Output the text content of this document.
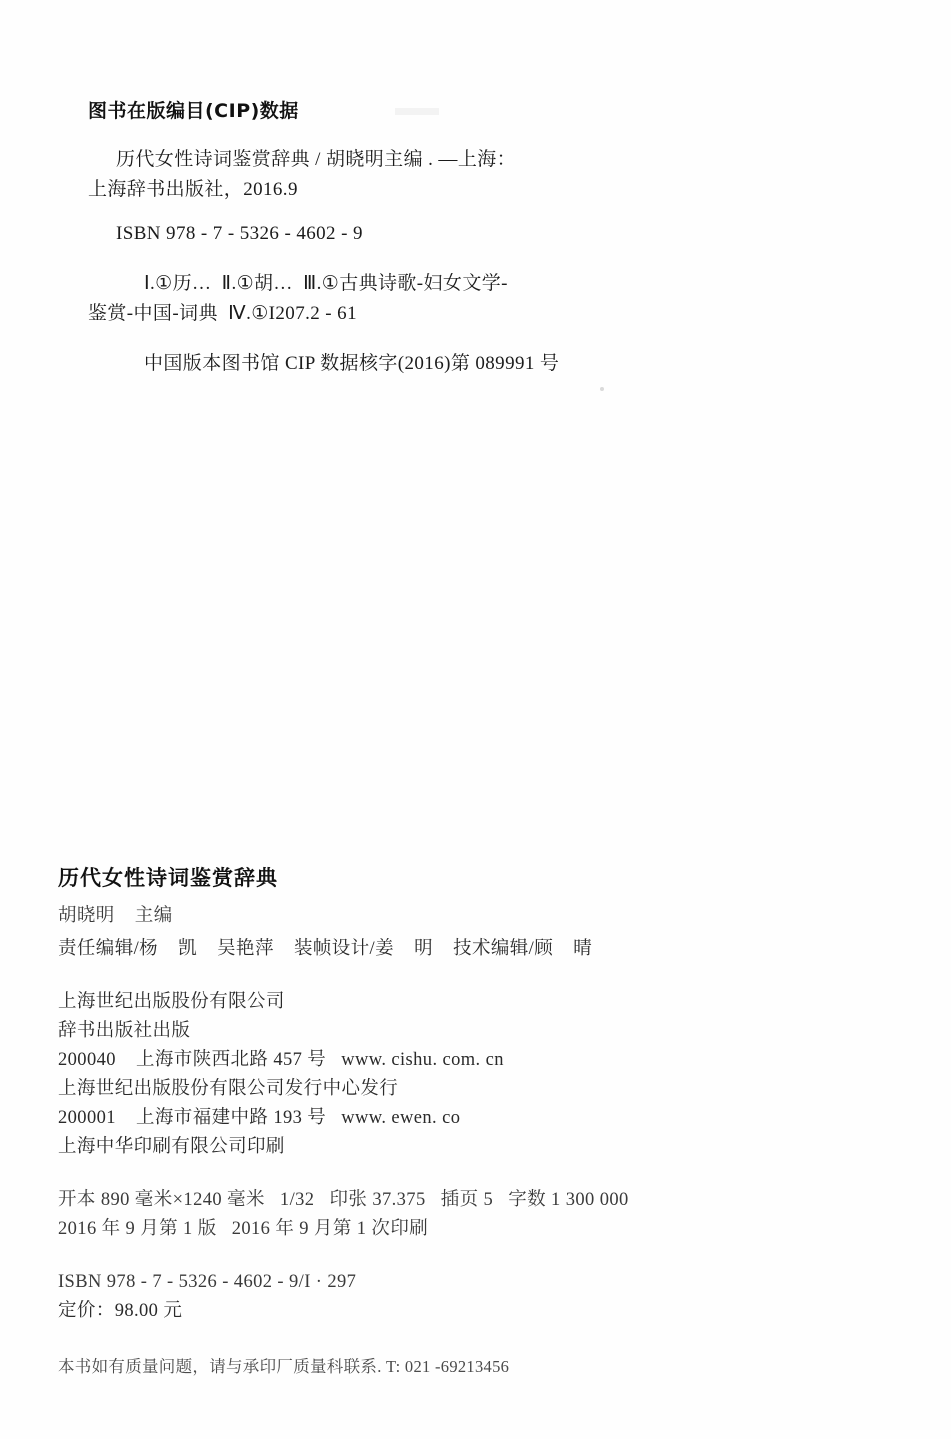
图书在版编目(CIP)数据
历代女性诗词鉴赏辞典 / 胡晓明主编 . —上海：
上海辞书出版社，2016.9
ISBN 978 - 7 - 5326 - 4602 - 9
Ⅰ.①历…  Ⅱ.①胡…  Ⅲ.①古典诗歌-妇女文学-
鉴赏-中国-词典  Ⅳ.①I207.2 - 61
中国版本图书馆 CIP 数据核字(2016)第 089991 号
历代女性诗词鉴赏辞典
胡晓明    主编
责任编辑/杨    凯    吴艳萍    装帧设计/姜    明    技术编辑/顾    晴
上海世纪出版股份有限公司
辞书出版社出版
200040    上海市陕西北路 457 号   www. cishu. com. cn
上海世纪出版股份有限公司发行中心发行
200001    上海市福建中路 193 号   www. ewen. co
上海中华印刷有限公司印刷
开本 890 毫米×1240 毫米   1/32   印张 37.375   插页 5   字数 1 300 000
2016 年 9 月第 1 版   2016 年 9 月第 1 次印刷
ISBN 978 - 7 - 5326 - 4602 - 9/I · 297
定价：98.00 元
本书如有质量问题，请与承印厂质量科联系. T: 021 -69213456
